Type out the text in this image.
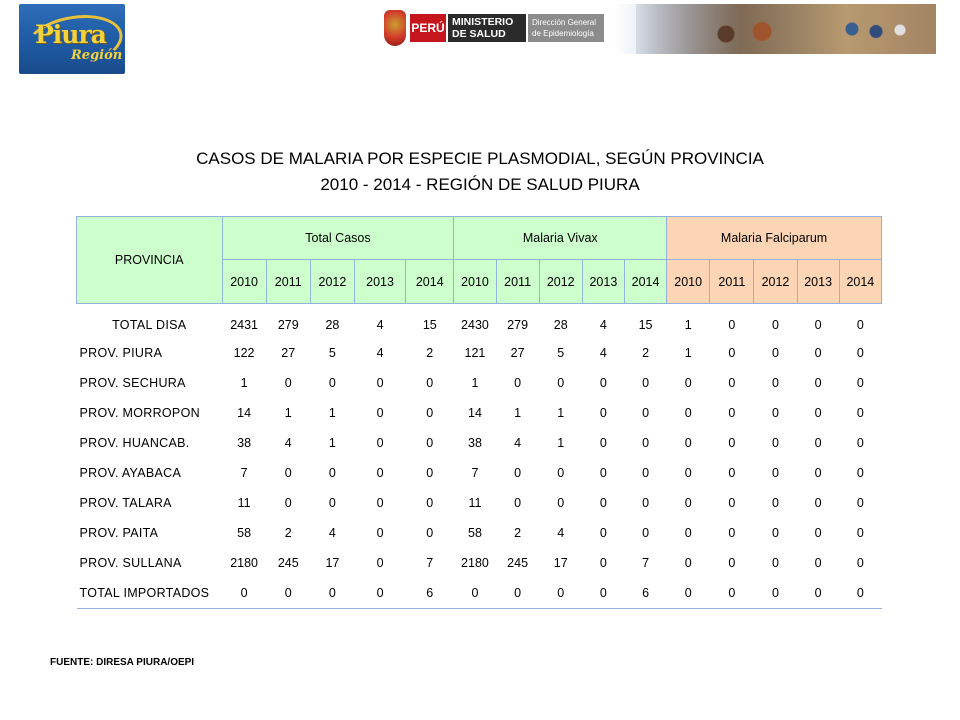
Piura
Región
PERÚ MINISTERIO
DE SALUD
Dirección General
de Epidemiología
CASOS DE MALARIA POR ESPECIE PLASMODIAL, SEGÚN PROVINCIA
2010 - 2014 - REGIÓN DE SALUD PIURA
PROVINCIA	Total Casos					Malaria Vivax					Malaria Falciparum				
	2010	2011	2012	2013	2014	2010	2011	2012	2013	2014	2010	2011	2012	2013	2014
TOTAL DISA	2431	279	28	4	15	2430	279	28	4	15	1	0	0	0	0
PROV. PIURA	122	27	5	4	2	121	27	5	4	2	1	0	0	0	0
PROV. SECHURA	1	0	0	0	0	1	0	0	0	0	0	0	0	0	0
PROV. MORROPON	14	1	1	0	0	14	1	1	0	0	0	0	0	0	0
PROV. HUANCAB.	38	4	1	0	0	38	4	1	0	0	0	0	0	0	0
PROV. AYABACA	7	0	0	0	0	7	0	0	0	0	0	0	0	0	0
PROV. TALARA	11	0	0	0	0	11	0	0	0	0	0	0	0	0	0
PROV. PAITA	58	2	4	0	0	58	2	4	0	0	0	0	0	0	0
PROV. SULLANA	2180	245	17	0	7	2180	245	17	0	7	0	0	0	0	0
TOTAL IMPORTADOS	0	0	0	0	6	0	0	0	0	6	0	0	0	0	0
FUENTE: DIRESA PIURA/OEPI
